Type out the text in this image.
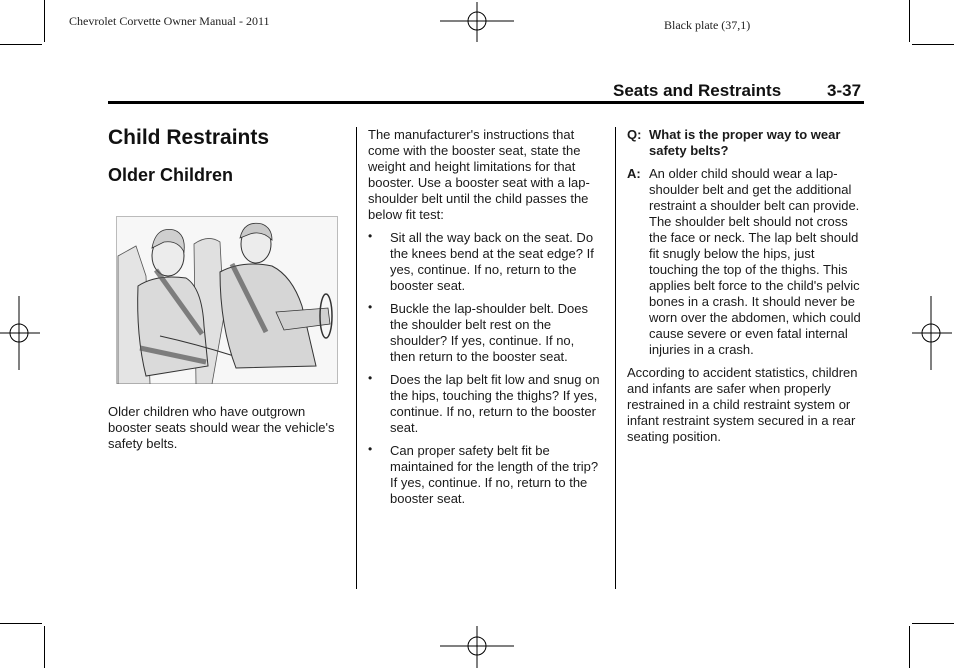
Chevrolet Corvette Owner Manual - 2011	Black plate (37,1)
Seats and Restraints	3-37
Child Restraints
Older Children
Older children who have outgrown booster seats should wear the vehicle's safety belts.

The manufacturer's instructions that come with the booster seat, state the weight and height limitations for that booster. Use a booster seat with a lap-shoulder belt until the child passes the below fit test:

• Sit all the way back on the seat. Do the knees bend at the seat edge? If yes, continue. If no, return to the booster seat.
• Buckle the lap-shoulder belt. Does the shoulder belt rest on the shoulder? If yes, continue. If no, then return to the booster seat.
• Does the lap belt fit low and snug on the hips, touching the thighs? If yes, continue. If no, return to the booster seat.
• Can proper safety belt fit be maintained for the length of the trip? If yes, continue. If no, return to the booster seat.
Q: What is the proper way to wear safety belts?
A: An older child should wear a lap-shoulder belt and get the additional restraint a shoulder belt can provide. The shoulder belt should not cross the face or neck. The lap belt should fit snugly below the hips, just touching the top of the thighs. This applies belt force to the child's pelvic bones in a crash. It should never be worn over the abdomen, which could cause severe or even fatal internal injuries in a crash.

According to accident statistics, children and infants are safer when properly restrained in a child restraint system or infant restraint system secured in a rear seating position.
